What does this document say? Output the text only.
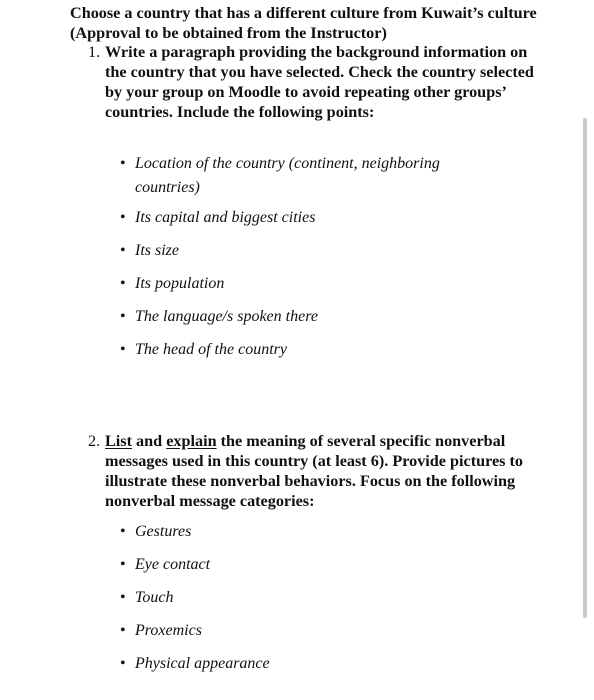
Choose a country that has a different culture from Kuwait’s culture (Approval to be obtained from the Instructor)
1. Write a paragraph providing the background information on the country that you have selected. Check the country selected by your group on Moodle to avoid repeating other groups’ countries. Include the following points:
• Location of the country (continent, neighboring countries)
• Its capital and biggest cities
• Its size
• Its population
• The language/s spoken there
• The head of the country
2. List and explain the meaning of several specific nonverbal messages used in this country (at least 6). Provide pictures to illustrate these nonverbal behaviors. Focus on the following nonverbal message categories:
• Gestures
• Eye contact
• Touch
• Proxemics
• Physical appearance
